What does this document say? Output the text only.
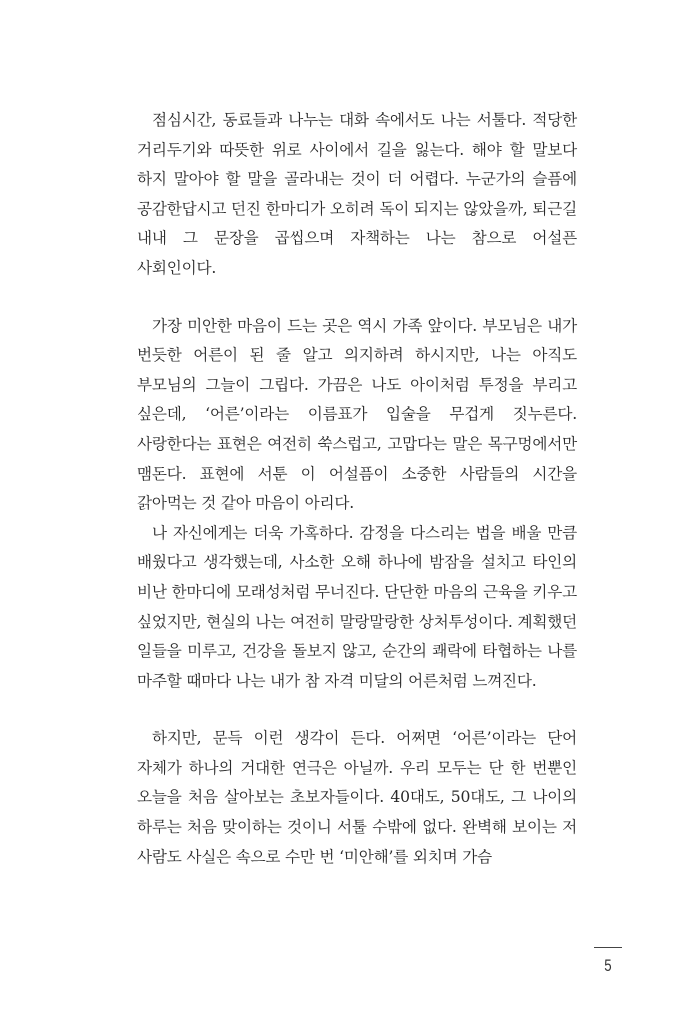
점심시간, 동료들과 나누는 대화 속에서도 나는 서툴다. 적당한 거리두기와 따뜻한 위로 사이에서 길을 잃는다. 해야 할 말보다 하지 말아야 할 말을 골라내는 것이 더 어렵다. 누군가의 슬픔에 공감한답시고 던진 한마디가 오히려 독이 되지는 않았을까, 퇴근길 내내 그 문장을 곱씹으며 자책하는 나는 참으로 어설픈 사회인이다.

가장 미안한 마음이 드는 곳은 역시 가족 앞이다. 부모님은 내가 번듯한 어른이 된 줄 알고 의지하려 하시지만, 나는 아직도 부모님의 그늘이 그립다. 가끔은 나도 아이처럼 투정을 부리고 싶은데, ‘어른’이라는 이름표가 입술을 무겁게 짓누른다. 사랑한다는 표현은 여전히 쑥스럽고, 고맙다는 말은 목구멍에서만 맴돈다. 표현에 서툰 이 어설픔이 소중한 사람들의 시간을 갉아먹는 것 같아 마음이 아리다.

나 자신에게는 더욱 가혹하다. 감정을 다스리는 법을 배울 만큼 배웠다고 생각했는데, 사소한 오해 하나에 밤잠을 설치고 타인의 비난 한마디에 모래성처럼 무너진다. 단단한 마음의 근육을 키우고 싶었지만, 현실의 나는 여전히 말랑말랑한 상처투성이다. 계획했던 일들을 미루고, 건강을 돌보지 않고, 순간의 쾌락에 타협하는 나를 마주할 때마다 나는 내가 참 자격 미달의 어른처럼 느껴진다.

하지만, 문득 이런 생각이 든다. 어쩌면 ‘어른’이라는 단어 자체가 하나의 거대한 연극은 아닐까. 우리 모두는 단 한 번뿐인 오늘을 처음 살아보는 초보자들이다. 40대도, 50대도, 그 나이의 하루는 처음 맞이하는 것이니 서툴 수밖에 없다. 완벽해 보이는 저 사람도 사실은 속으로 수만 번 ‘미안해’를 외치며 가슴

5
